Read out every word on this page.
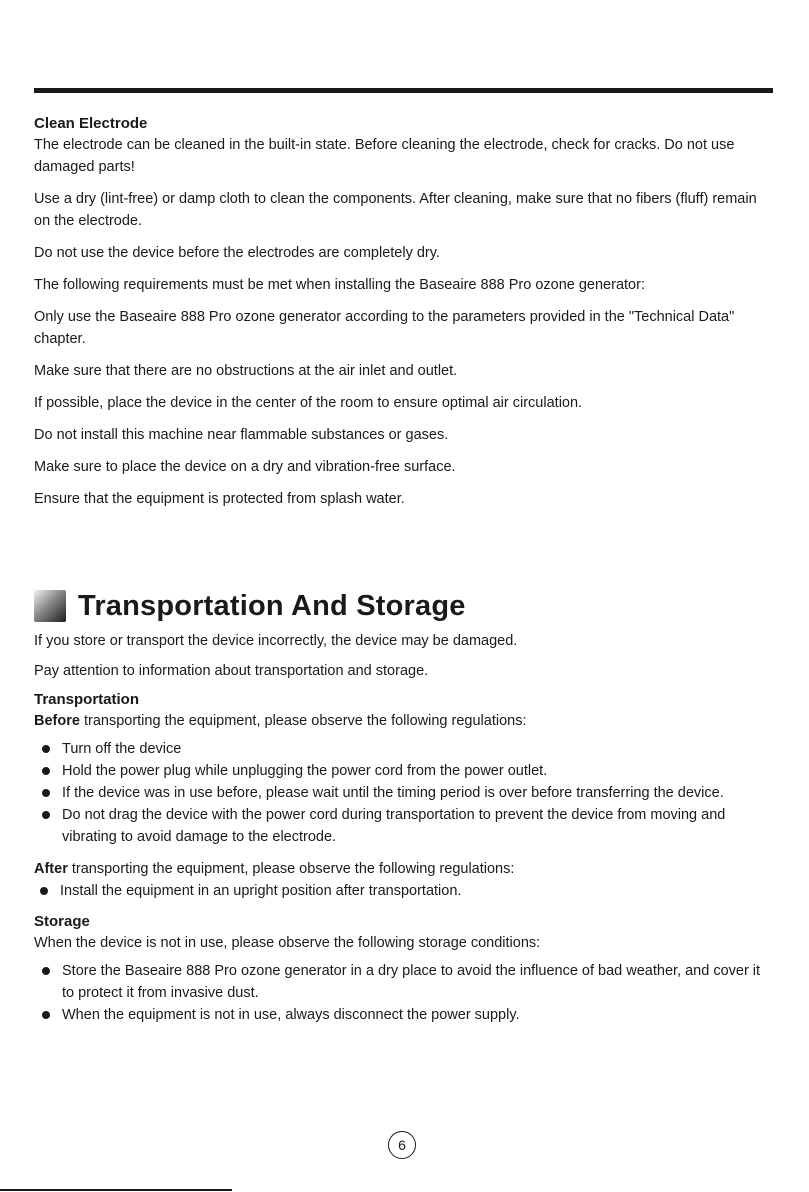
Clean Electrode

The electrode can be cleaned in the built-in state. Before cleaning the electrode, check for cracks. Do not use damaged parts!

Use a dry (lint-free) or damp cloth to clean the components. After cleaning, make sure that no fibers (fluff) remain on the electrode.

Do not use the device before the electrodes are completely dry.

The following requirements must be met when installing the Baseaire 888 Pro ozone generator:

Only use the Baseaire 888 Pro ozone generator according to the parameters provided in the "Technical Data" chapter.

Make sure that there are no obstructions at the air inlet and outlet.

If possible, place the device in the center of the room to ensure optimal air circulation.

Do not install this machine near flammable substances or gases.

Make sure to place the device on a dry and vibration-free surface.

Ensure that the equipment is protected from splash water.

Transportation And Storage

If you store or transport the device incorrectly, the device may be damaged.

Pay attention to information about transportation and storage.

Transportation

Before transporting the equipment, please observe the following regulations:

Turn off the device
Hold the power plug while unplugging the power cord from the power outlet.
If the device was in use before, please wait until the timing period is over before transferring the device.
Do not drag the device with the power cord during transportation to prevent the device from moving and vibrating to avoid damage to the electrode.

After transporting the equipment, please observe the following regulations:

Install the equipment in an upright position after transportation.
Storage

When the device is not in use, please observe the following storage conditions:

Store the Baseaire 888 Pro ozone generator in a dry place to avoid the influence of bad weather, and cover it to protect it from invasive dust.
When the equipment is not in use, always disconnect the power supply.
6
